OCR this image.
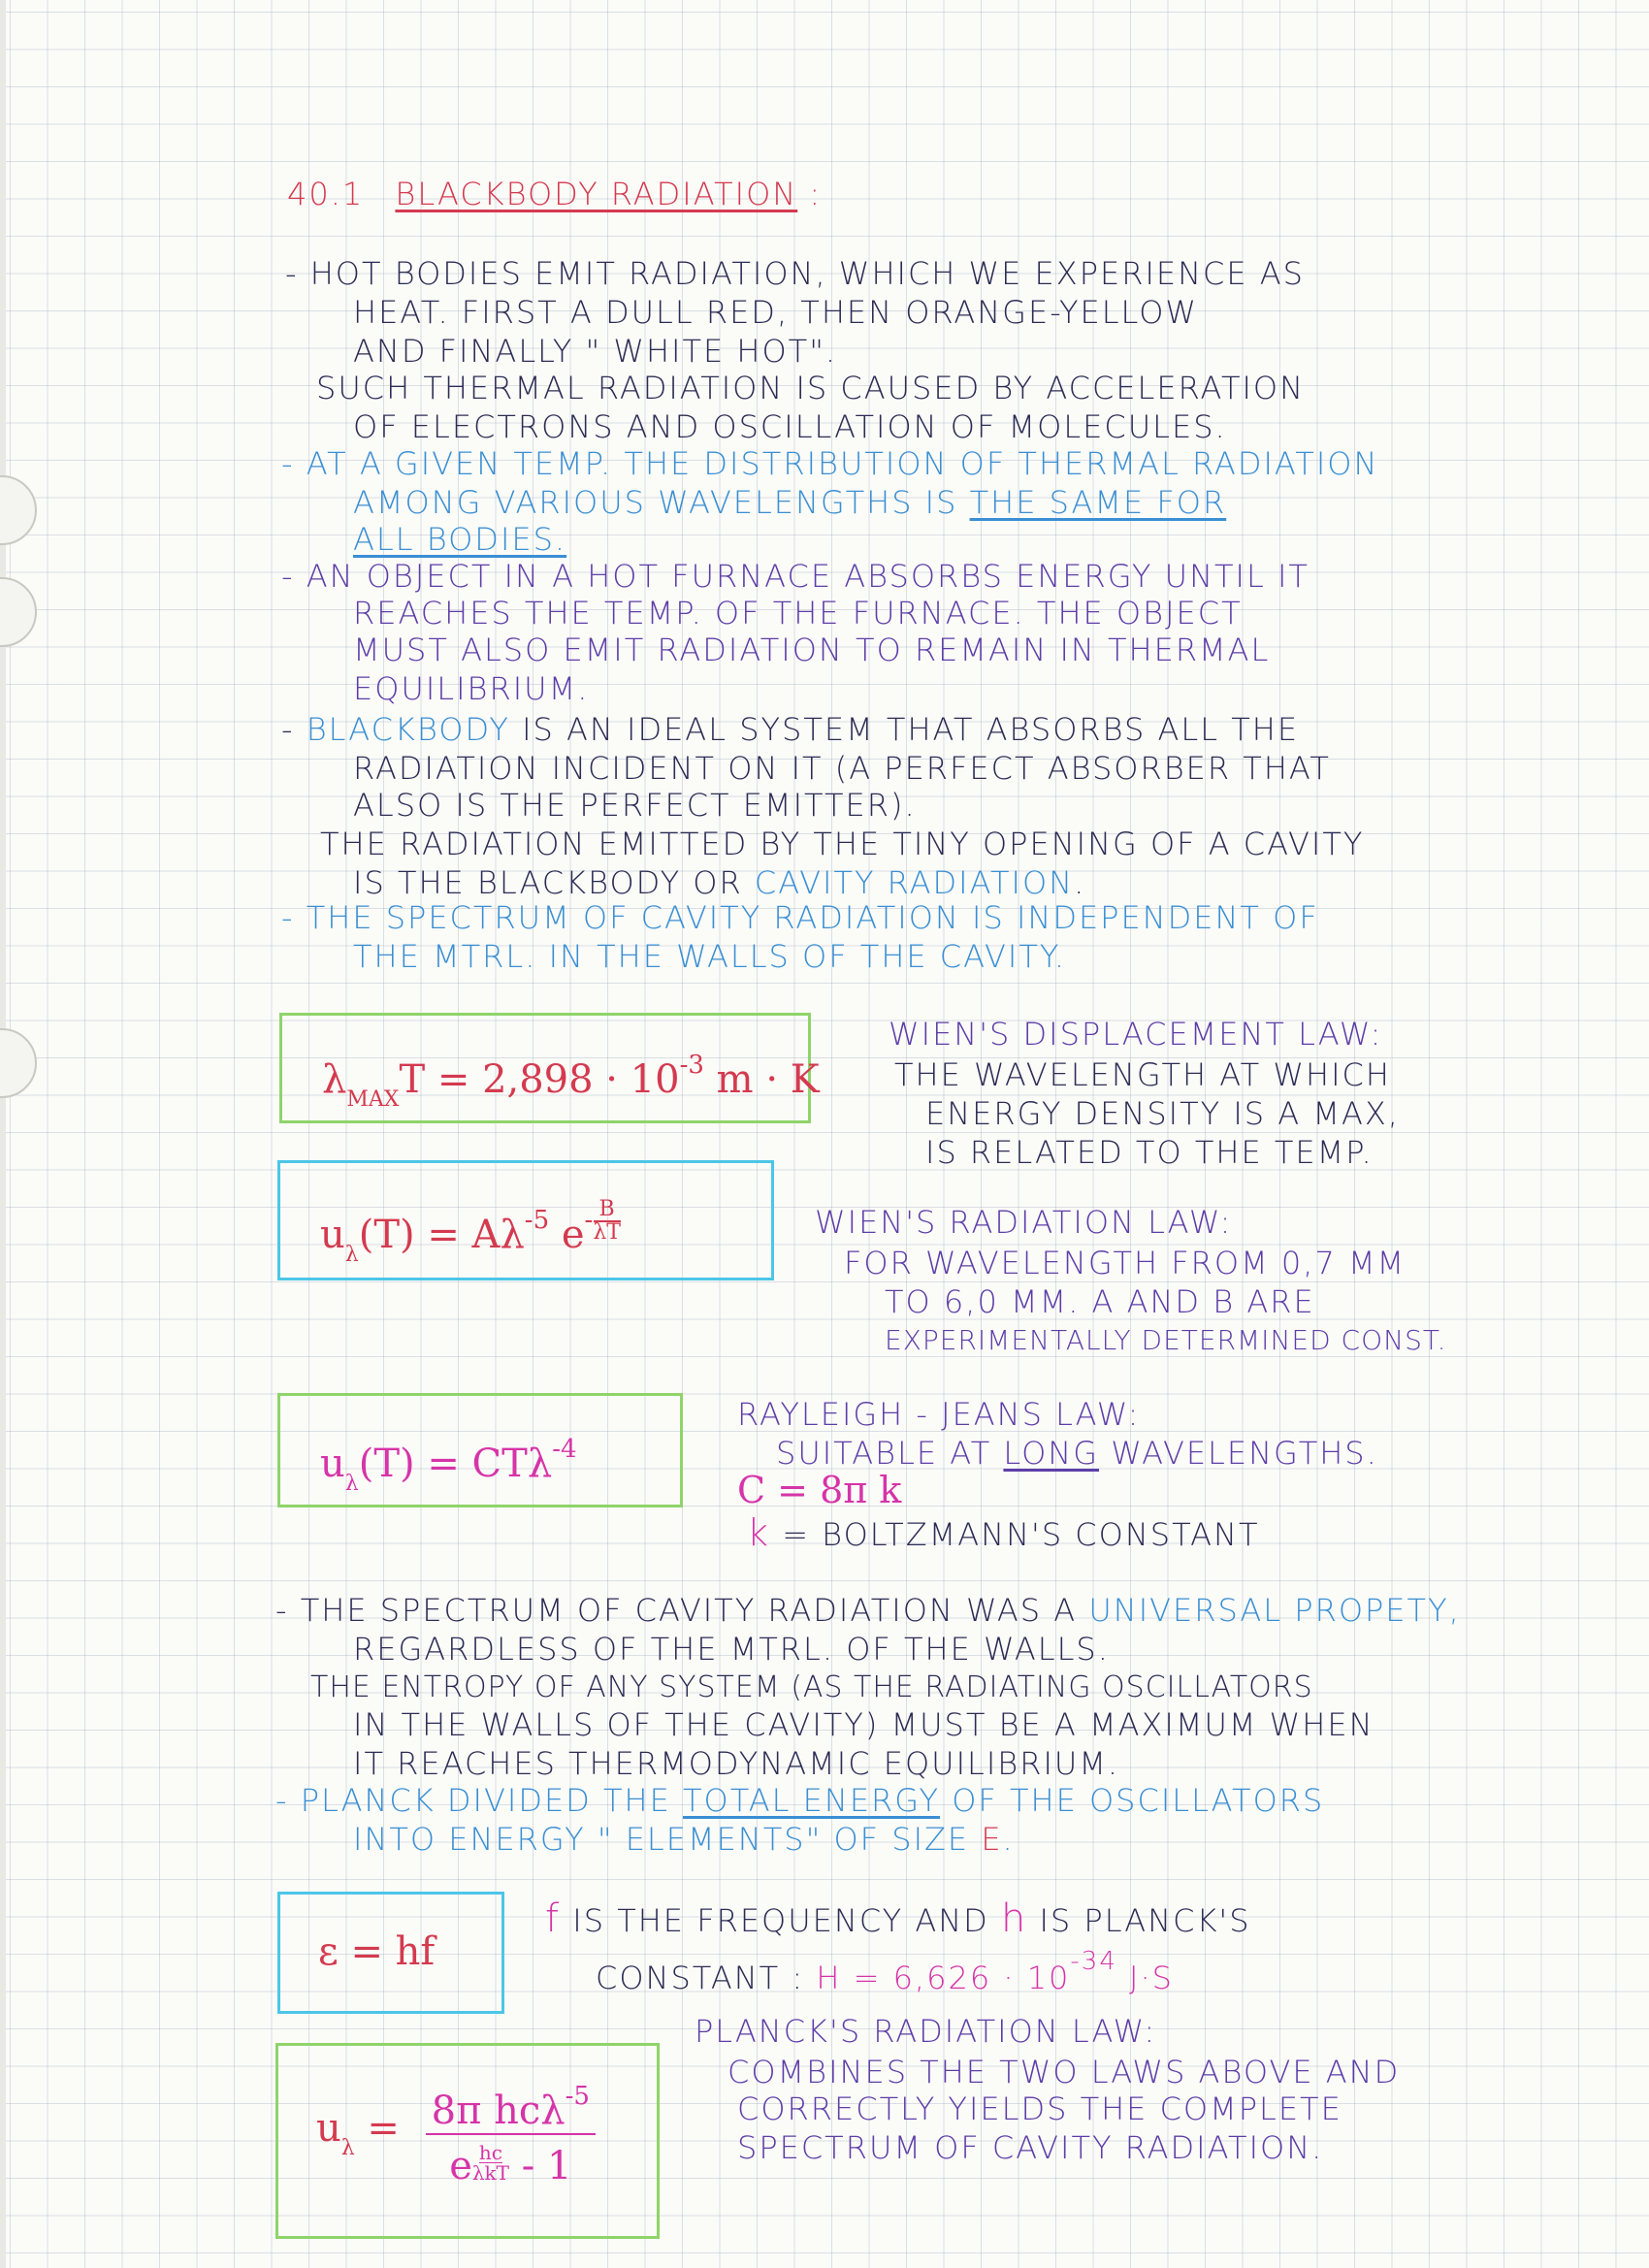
40.1 BLACKBODY RADIATION :
- HOT BODIES EMIT RADIATION, WHICH WE EXPERIENCE AS
HEAT. FIRST A DULL RED, THEN ORANGE-YELLOW
AND FINALLY " WHITE HOT".
SUCH THERMAL RADIATION IS CAUSED BY ACCELERATION
OF ELECTRONS AND OSCILLATION OF MOLECULES.
- AT A GIVEN TEMP. THE DISTRIBUTION OF THERMAL RADIATION
AMONG VARIOUS WAVELENGTHS IS THE SAME FOR
ALL BODIES.
- AN OBJECT IN A HOT FURNACE ABSORBS ENERGY UNTIL IT
REACHES THE TEMP. OF THE FURNACE. THE OBJECT
MUST ALSO EMIT RADIATION TO REMAIN IN THERMAL
EQUILIBRIUM.
- BLACKBODY IS AN IDEAL SYSTEM THAT ABSORBS ALL THE
RADIATION INCIDENT ON IT (A PERFECT ABSORBER THAT
ALSO IS THE PERFECT EMITTER).
THE RADIATION EMITTED BY THE TINY OPENING OF A CAVITY
IS THE BLACKBODY OR CAVITY RADIATION.
- THE SPECTRUM OF CAVITY RADIATION IS INDEPENDENT OF
THE MTRL. IN THE WALLS OF THE CAVITY.
$\lambda_{MAX}T = 2,898 \cdot 10^{-3}$ m · K
WIEN'S DISPLACEMENT LAW:
THE WAVELENGTH AT WHICH
ENERGY DENSITY IS A MAX,
IS RELATED TO THE TEMP.
$u_\lambda(T) = A\lambda^{-5}$ $e^{- \frac{B}{\lambda T}}$	WIEN'S RADIATION LAW:
FOR WAVELENGTH FROM 0,7 ΜM
TO 6,0 ΜM. A AND B ARE
EXPERIMENTALLY DETERMINED CONST.
$u_\lambda(T) = CT\lambda^{-4}$
RAYLEIGH - JEANS LAW:
SUITABLE AT LONG WAVELENGTHS.
C = 8π k
k = BOLTZMANN'S CONSTANT
- THE SPECTRUM OF CAVITY RADIATION WAS A UNIVERSAL PROPETY,
REGARDLESS OF THE MTRL. OF THE WALLS.
THE ENTROPY OF ANY SYSTEM (AS THE RADIATING OSCILLATORS
IN THE WALLS OF THE CAVITY) MUST BE A MAXIMUM WHEN
IT REACHES THERMODYNAMIC EQUILIBRIUM.
- PLANCK DIVIDED THE TOTAL ENERGY OF THE OSCILLATORS
INTO ENERGY " ELEMENTS" OF SIZE Ε.
ε = hf
f IS THE FREQUENCY AND h IS PLANCK'S
CONSTANT : $H = 6,626 \cdot 10^{-34}$ J·S
PLANCK'S RADIATION LAW:
COMBINES THE TWO LAWS ABOVE AND
CORRECTLY YIELDS THE COMPLETE
SPECTRUM OF CAVITY RADIATION.
$u_\lambda = 8\pi$ hcλ$^{-5}$
e hc
λkT - 1
